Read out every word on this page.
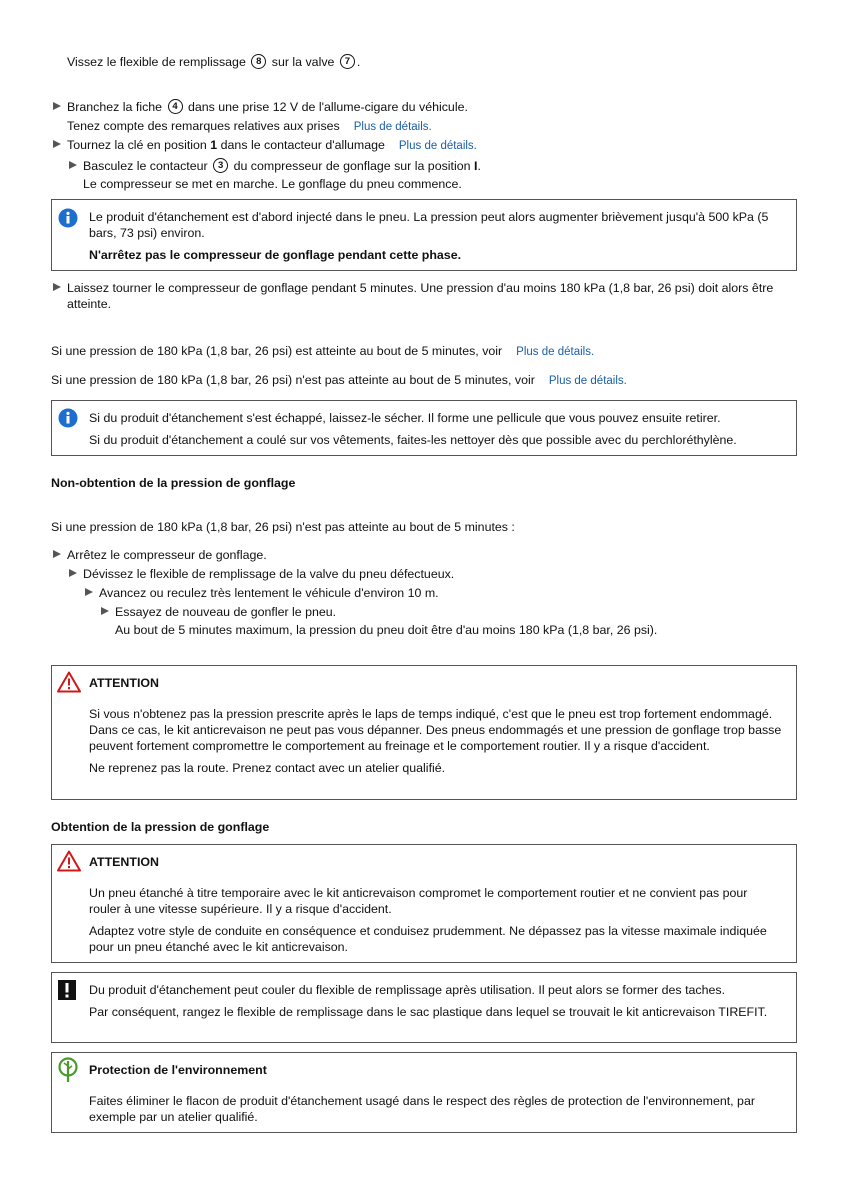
Vissez le flexible de remplissage 8 sur la valve 7 .
Branchez la fiche 4 dans une prise 12 V de l'allume-cigare du véhicule.
Tenez compte des remarques relatives aux prises Plus de détails.
Tournez la clé en position 1 dans le contacteur d'allumage Plus de détails.
Basculez le contacteur 3 du compresseur de gonflage sur la position I.
Le compresseur se met en marche. Le gonflage du pneu commence.

Le produit d'étanchement est d'abord injecté dans le pneu. La pression peut alors augmenter brièvement jusqu'à 500 kPa (5 bars, 73 psi) environ.

N'arrêtez pas le compresseur de gonflage pendant cette phase.

Laissez tourner le compresseur de gonflage pendant 5 minutes. Une pression d'au moins 180 kPa (1,8 bar, 26 psi) doit alors être atteinte.
Si une pression de 180 kPa (1,8 bar, 26 psi) est atteinte au bout de 5 minutes, voir Plus de détails.
Si une pression de 180 kPa (1,8 bar, 26 psi) n'est pas atteinte au bout de 5 minutes, voir Plus de détails.

Si du produit d'étanchement s'est échappé, laissez-le sécher. Il forme une pellicule que vous pouvez ensuite retirer.

Si du produit d'étanchement a coulé sur vos vêtements, faites-les nettoyer dès que possible avec du perchloréthylène.

Non-obtention de la pression de gonflage
Si une pression de 180 kPa (1,8 bar, 26 psi) n'est pas atteinte au bout de 5 minutes :
Arrêtez le compresseur de gonflage.
Dévissez le flexible de remplissage de la valve du pneu défectueux.
Avancez ou reculez très lentement le véhicule d'environ 10 m.
Essayez de nouveau de gonfler le pneu.
Au bout de 5 minutes maximum, la pression du pneu doit être d'au moins 180 kPa (1,8 bar, 26 psi).
ATTENTION

Si vous n'obtenez pas la pression prescrite après le laps de temps indiqué, c'est que le pneu est trop fortement endommagé. Dans ce cas, le kit anticrevaison ne peut pas vous dépanner. Des pneus endommagés et une pression de gonflage trop basse peuvent fortement compromettre le comportement au freinage et le comportement routier. Il y a risque d'accident.

Ne reprenez pas la route. Prenez contact avec un atelier qualifié.

Obtention de la pression de gonflage
ATTENTION

Un pneu étanché à titre temporaire avec le kit anticrevaison compromet le comportement routier et ne convient pas pour rouler à une vitesse supérieure. Il y a risque d'accident.

Adaptez votre style de conduite en conséquence et conduisez prudemment. Ne dépassez pas la vitesse maximale indiquée pour un pneu étanché avec le kit anticrevaison.

Du produit d'étanchement peut couler du flexible de remplissage après utilisation. Il peut alors se former des taches.

Par conséquent, rangez le flexible de remplissage dans le sac plastique dans lequel se trouvait le kit anticrevaison TIREFIT.

Protection de l'environnement

Faites éliminer le flacon de produit d'étanchement usagé dans le respect des règles de protection de l'environnement, par exemple par un atelier qualifié.
